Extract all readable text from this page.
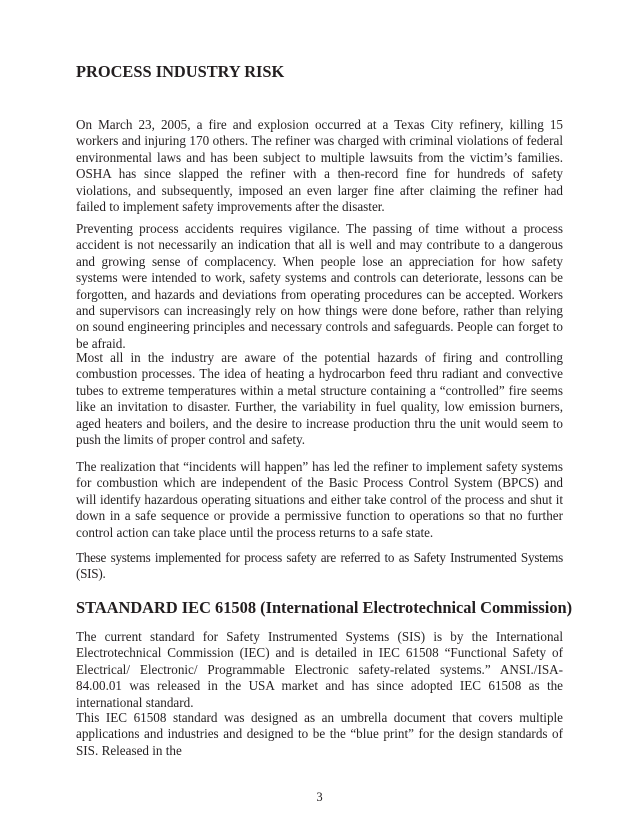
PROCESS INDUSTRY RISK

On March 23, 2005, a fire and explosion occurred at a Texas City refinery, killing 15 workers and injuring 170 others. The refiner was charged with criminal violations of federal environmental laws and has been subject to multiple lawsuits from the victim’s families. OSHA has since slapped the refiner with a then-record fine for hundreds of safety violations, and subsequently, imposed an even larger fine after claiming the refiner had failed to implement safety improvements after the disaster.

Preventing process accidents requires vigilance. The passing of time without a process accident is not necessarily an indication that all is well and may contribute to a dangerous and growing sense of complacency. When people lose an appreciation for how safety systems were intended to work, safety systems and controls can deteriorate, lessons can be forgotten, and hazards and deviations from operating procedures can be accepted. Workers and supervisors can increasingly rely on how things were done before, rather than relying on sound engineering principles and necessary controls and safeguards. People can forget to be afraid.

Most all in the industry are aware of the potential hazards of firing and controlling combustion processes. The idea of heating a hydrocarbon feed thru radiant and convective tubes to extreme temperatures within a metal structure containing a “controlled” fire seems like an invitation to disaster. Further, the variability in fuel quality, low emission burners, aged heaters and boilers, and the desire to increase production thru the unit would seem to push the limits of proper control and safety.

The realization that “incidents will happen” has led the refiner to implement safety systems for combustion which are independent of the Basic Process Control System (BPCS) and will identify hazardous operating situations and either take control of the process and shut it down in a safe sequence or provide a permissive function to operations so that no further control action can take place until the process returns to a safe state.

These systems implemented for process safety are referred to as Safety Instrumented Systems (SIS).

STAANDARD IEC 61508 (International Electrotechnical Commission)

The current standard for Safety Instrumented Systems (SIS) is by the International Electrotechnical Commission (IEC) and is detailed in IEC 61508 “Functional Safety of Electrical/ Electronic/ Programmable Electronic safety-related systems.” ANSI./ISA-84.00.01 was released in the USA market and has since adopted IEC 61508 as the international standard.

This IEC 61508 standard was designed as an umbrella document that covers multiple applications and industries and designed to be the “blue print” for the design standards of SIS. Released in the

3
